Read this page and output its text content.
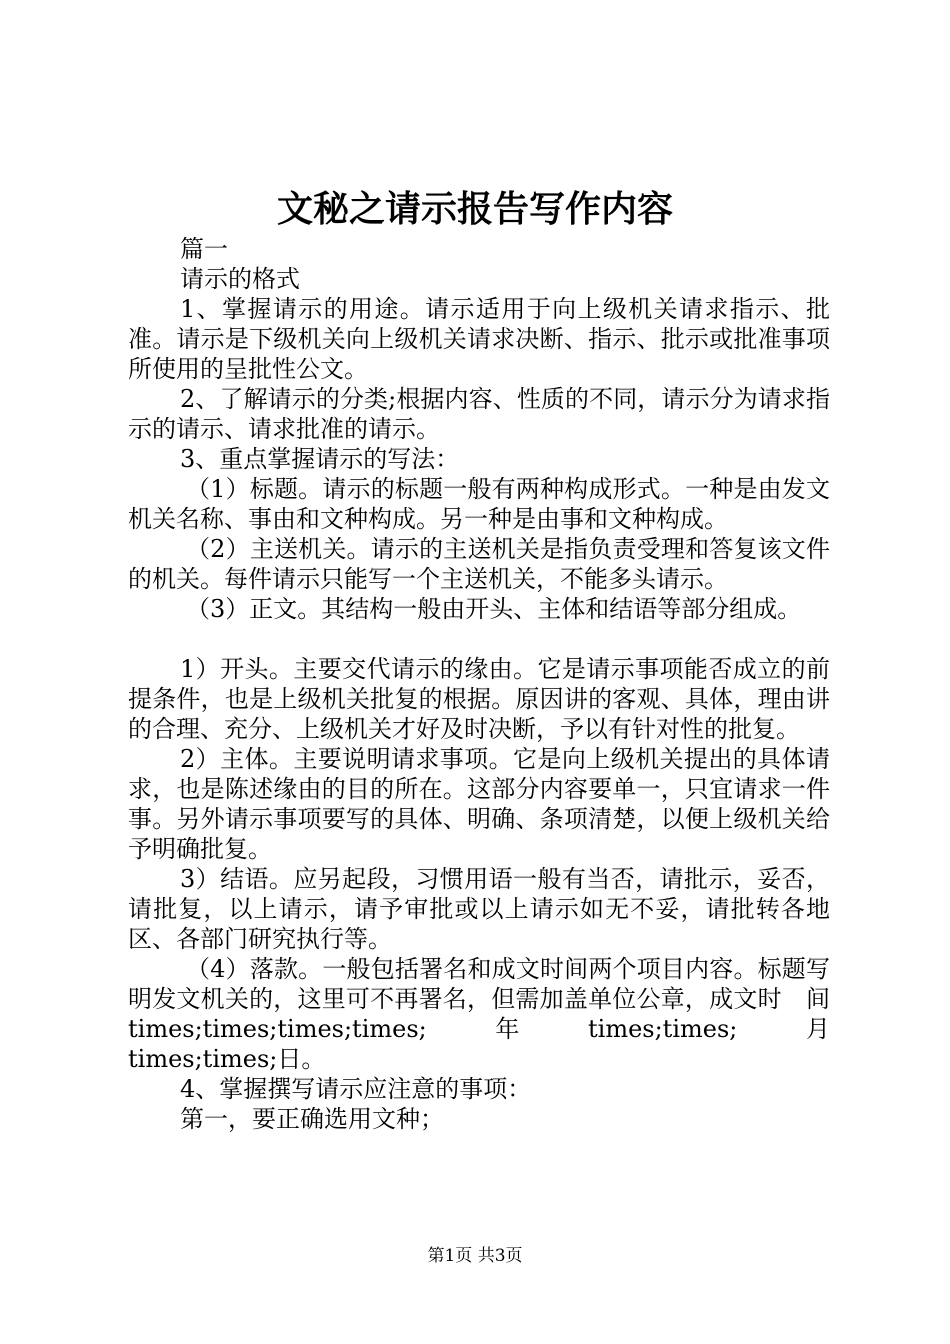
文秘之请示报告写作内容

篇一

请示的格式

1、掌握请示的用途。请示适用于向上级机关请求指示、批准。请示是下级机关向上级机关请求决断、指示、批示或批准事项所使用的呈批性公文。

2、了解请示的分类;根据内容、性质的不同，请示分为请求指示的请示、请求批准的请示。

3、重点掌握请示的写法：

（1）标题。请示的标题一般有两种构成形式。一种是由发文机关名称、事由和文种构成。另一种是由事和文种构成。

（2）主送机关。请示的主送机关是指负责受理和答复该文件的机关。每件请示只能写一个主送机关，不能多头请示。

（3）正文。其结构一般由开头、主体和结语等部分组成。

1）开头。主要交代请示的缘由。它是请示事项能否成立的前提条件，也是上级机关批复的根据。原因讲的客观、具体，理由讲的合理、充分、上级机关才好及时决断，予以有针对性的批复。

2）主体。主要说明请求事项。它是向上级机关提出的具体请求，也是陈述缘由的目的所在。这部分内容要单一，只宜请求一件事。另外请示事项要写的具体、明确、条项清楚，以便上级机关给予明确批复。

3）结语。应另起段，习惯用语一般有当否，请批示，妥否，请批复，以上请示，请予审批或以上请示如无不妥，请批转各地区、各部门研究执行等。

（4）落款。一般包括署名和成文时间两个项目内容。标题写明发文机关的，这里可不再署名，但需加盖单位公章，成文时　间　times;times;times;times;　年　times;times;　月times;times;日。

4、掌握撰写请示应注意的事项：

第一，要正确选用文种；

第1页 共3页
